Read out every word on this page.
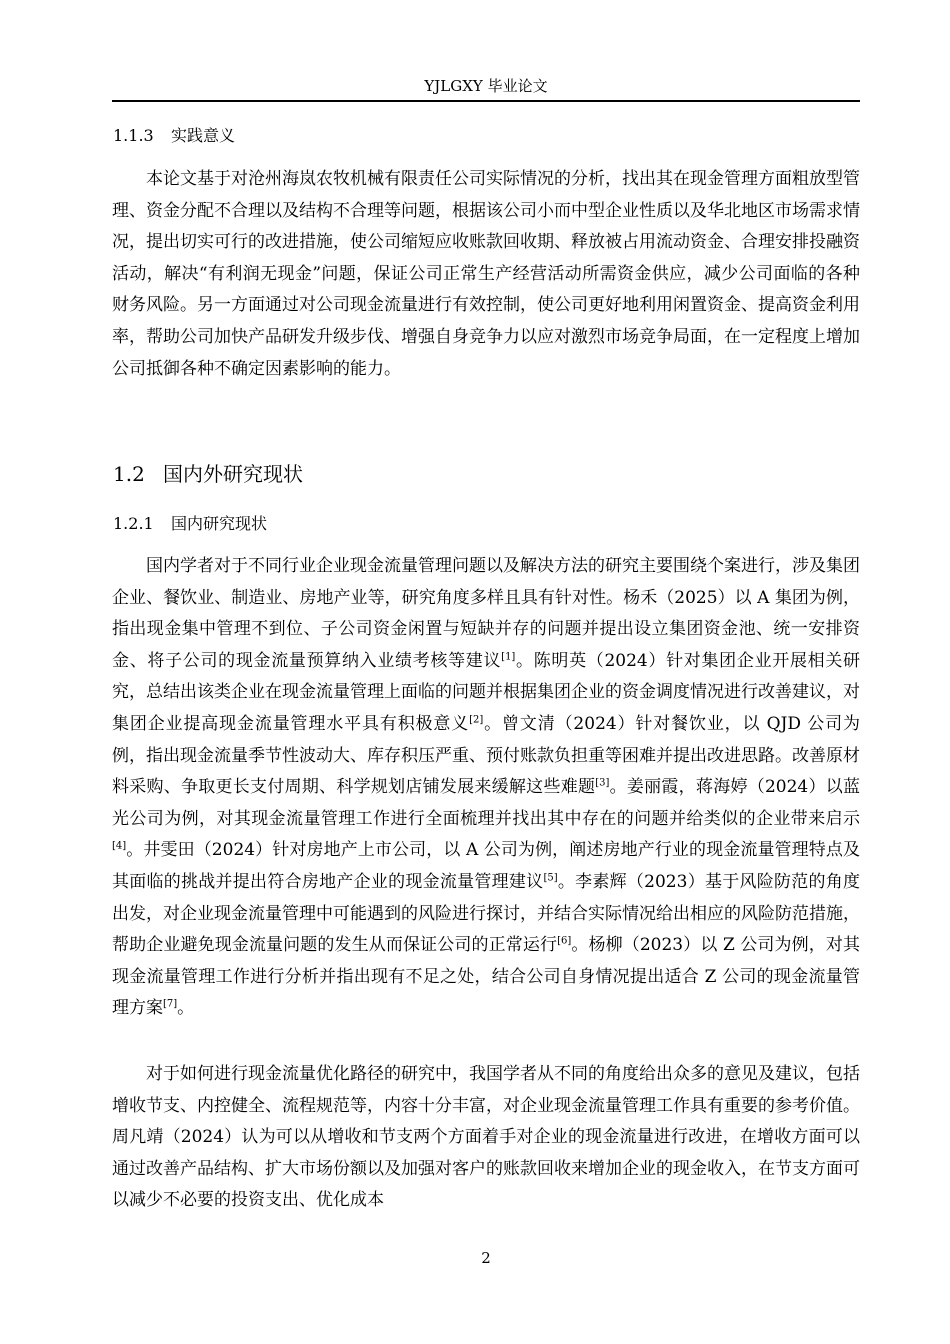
YJLGXY 毕业论文
1.1.3 实践意义

本论文基于对沧州海岚农牧机械有限责任公司实际情况的分析，找出其在现金管理方面粗放型管理、资金分配不合理以及结构不合理等问题，根据该公司小而中型企业性质以及华北地区市场需求情况，提出切实可行的改进措施，使公司缩短应收账款回收期、释放被占用流动资金、合理安排投融资活动，解决“有利润无现金”问题，保证公司正常生产经营活动所需资金供应，减少公司面临的各种财务风险。另一方面通过对公司现金流量进行有效控制，使公司更好地利用闲置资金、提高资金利用率，帮助公司加快产品研发升级步伐、增强自身竞争力以应对激烈市场竞争局面，在一定程度上增加公司抵御各种不确定因素影响的能力。

1.2 国内外研究现状
1.2.1 国内研究现状

国内学者对于不同行业企业现金流量管理问题以及解决方法的研究主要围绕个案进行，涉及集团企业、餐饮业、制造业、房地产业等，研究角度多样且具有针对性。杨禾（2025）以 A 集团为例，指出现金集中管理不到位、子公司资金闲置与短缺并存的问题并提出设立集团资金池、统一安排资金、将子公司的现金流量预算纳入业绩考核等建议[1]。陈明英（2024）针对集团企业开展相关研究，总结出该类企业在现金流量管理上面临的问题并根据集团企业的资金调度情况进行改善建议，对集团企业提高现金流量管理水平具有积极意义[2]。曾文清（2024）针对餐饮业，以 QJD 公司为例，指出现金流量季节性波动大、库存积压严重、预付账款负担重等困难并提出改进思路。改善原材料采购、争取更长支付周期、科学规划店铺发展来缓解这些难题[3]。姜丽霞，蒋海婷（2024）以蓝光公司为例，对其现金流量管理工作进行全面梳理并找出其中存在的问题并给类似的企业带来启示[4]。井雯田（2024）针对房地产上市公司，以 A 公司为例，阐述房地产行业的现金流量管理特点及其面临的挑战并提出符合房地产企业的现金流量管理建议[5]。李素辉（2023）基于风险防范的角度出发，对企业现金流量管理中可能遇到的风险进行探讨，并结合实际情况给出相应的风险防范措施，帮助企业避免现金流量问题的发生从而保证公司的正常运行[6]。杨柳（2023）以 Z 公司为例，对其现金流量管理工作进行分析并指出现有不足之处，结合公司自身情况提出适合 Z 公司的现金流量管理方案[7]。

对于如何进行现金流量优化路径的研究中，我国学者从不同的角度给出众多的意见及建议，包括增收节支、内控健全、流程规范等，内容十分丰富，对企业现金流量管理工作具有重要的参考价值。周凡靖（2024）认为可以从增收和节支两个方面着手对企业的现金流量进行改进，在增收方面可以通过改善产品结构、扩大市场份额以及加强对客户的账款回收来增加企业的现金收入，在节支方面可以减少不必要的投资支出、优化成本

2
